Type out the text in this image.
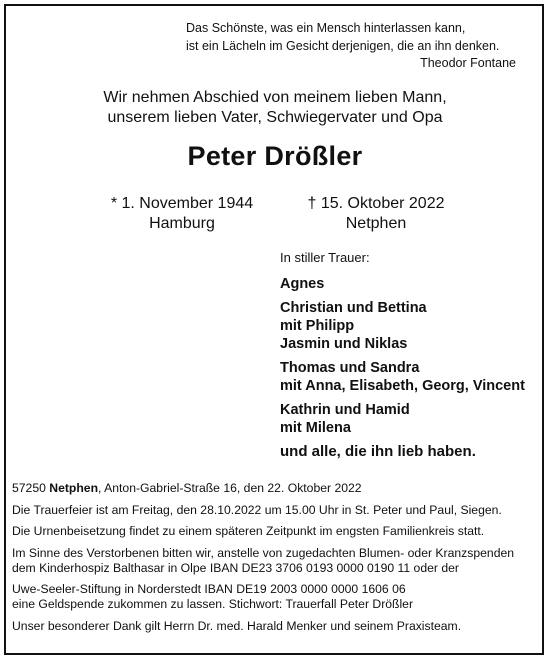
Das Schönste, was ein Mensch hinterlassen kann,
ist ein Lächeln im Gesicht derjenigen, die an ihn denken.
Theodor Fontane
Wir nehmen Abschied von meinem lieben Mann,
unserem lieben Vater, Schwiegervater und Opa
Peter Drößler
* 1. November 1944
Hamburg
† 15. Oktober 2022
Netphen
In stiller Trauer:
Agnes
Christian und Bettina
mit Philipp
Jasmin und Niklas
Thomas und Sandra
mit Anna, Elisabeth, Georg, Vincent
Kathrin und Hamid
mit Milena
und alle, die ihn lieb haben.
57250 Netphen, Anton-Gabriel-Straße 16, den 22. Oktober 2022
Die Trauerfeier ist am Freitag, den 28.10.2022 um 15.00 Uhr in St. Peter und Paul, Siegen.
Die Urnenbeisetzung findet zu einem späteren Zeitpunkt im engsten Familienkreis statt.
Im Sinne des Verstorbenen bitten wir, anstelle von zugedachten Blumen- oder Kranzspenden
dem Kinderhospiz Balthasar in Olpe IBAN DE23 3706 0193 0000 0190 11 oder der
Uwe-Seeler-Stiftung in Norderstedt IBAN DE19 2003 0000 0000 1606 06
eine Geldspende zukommen zu lassen. Stichwort: Trauerfall Peter Drößler
Unser besonderer Dank gilt Herrn Dr. med. Harald Menker und seinem Praxisteam.
